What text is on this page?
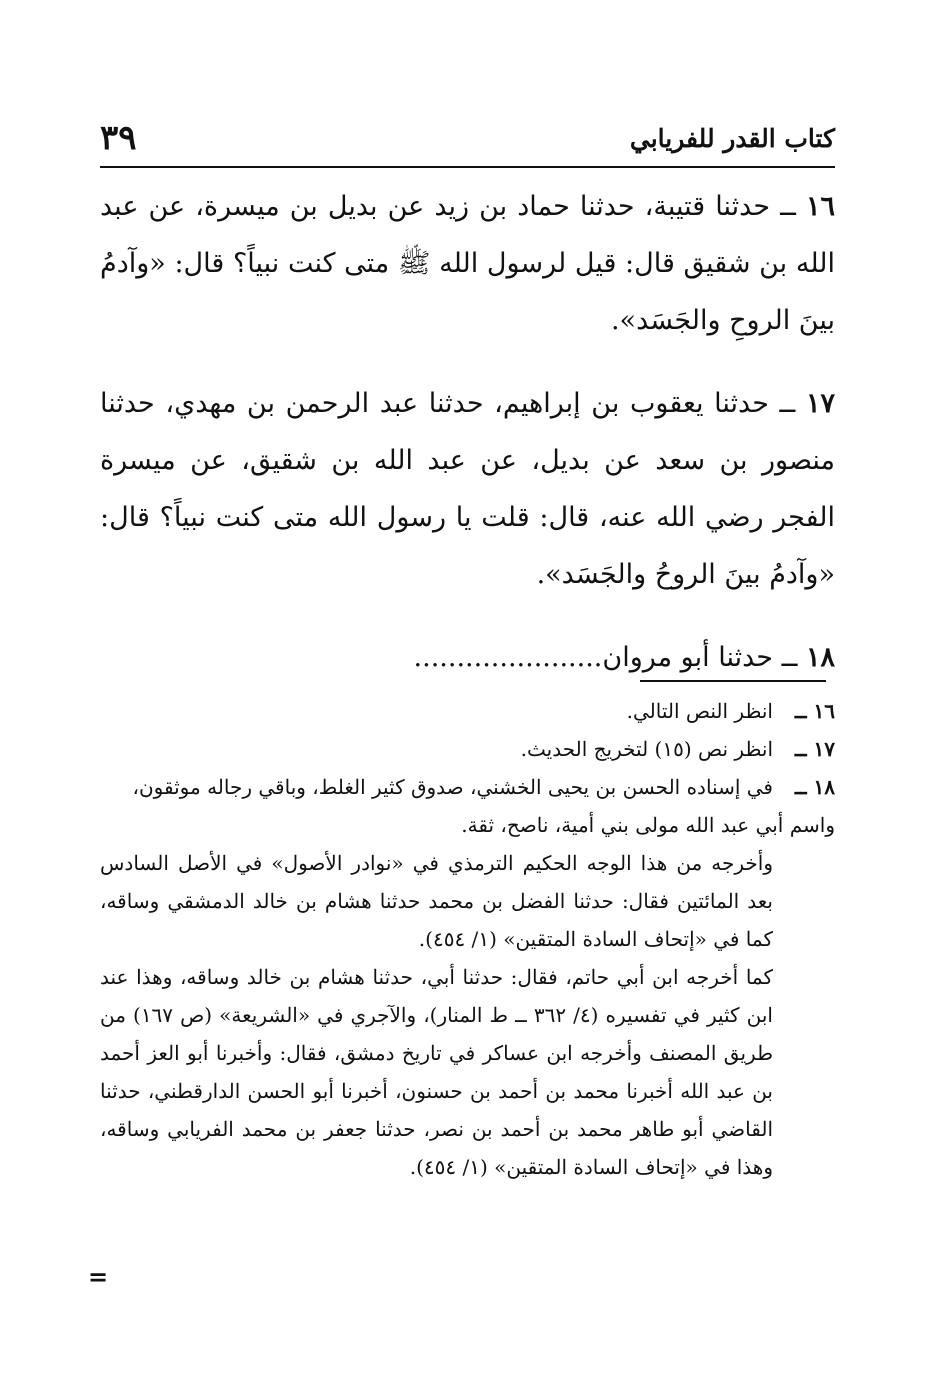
٣٩	كتاب القدر للفريابي

١٦ ــ حدثنا قتيبة، حدثنا حماد بن زيد عن بديل بن ميسرة، عن عبد الله بن شقيق قال: قيل لرسول الله ﷺ متى كنت نبياً؟ قال: «وآدمُ بينَ الروحِ والجَسَد».

١٧ ــ حدثنا يعقوب بن إبراهيم، حدثنا عبد الرحمن بن مهدي، حدثنا منصور بن سعد عن بديل، عن عبد الله بن شقيق، عن ميسرة الفجر رضي الله عنه، قال: قلت يا رسول الله متى كنت نبياً؟ قال: «وآدمُ بينَ الروحُ والجَسَد».

١٨ ــ حدثنا أبو مروان......................

١٦ ــانظر النص التالي.
١٧ ــانظر نص (١٥) لتخريج الحديث.
١٨ ــفي إسناده الحسن بن يحيى الخشني، صدوق كثير الغلط، وباقي رجاله موثقون، واسم أبي عبد الله مولى بني أمية، ناصح، ثقة.
وأخرجه من هذا الوجه الحكيم الترمذي في «نوادر الأصول» في الأصل السادس بعد المائتين فقال: حدثنا الفضل بن محمد حدثنا هشام بن خالد الدمشقي وساقه، كما في «إتحاف السادة المتقين» (١/ ٤٥٤).
كما أخرجه ابن أبي حاتم، فقال: حدثنا أبي، حدثنا هشام بن خالد وساقه، وهذا عند ابن كثير في تفسيره (٤/ ٣٦٢ ــ ط المنار)، والآجري في «الشريعة» (ص ١٦٧) من طريق المصنف وأخرجه ابن عساكر في تاريخ دمشق، فقال: وأخبرنا أبو العز أحمد بن عبد الله أخبرنا محمد بن أحمد بن حسنون، أخبرنا أبو الحسن الدارقطني، حدثنا القاضي أبو طاهر محمد بن أحمد بن نصر، حدثنا جعفر بن محمد الفريابي وساقه، وهذا في «إتحاف السادة المتقين» (١/ ٤٥٤).
=
